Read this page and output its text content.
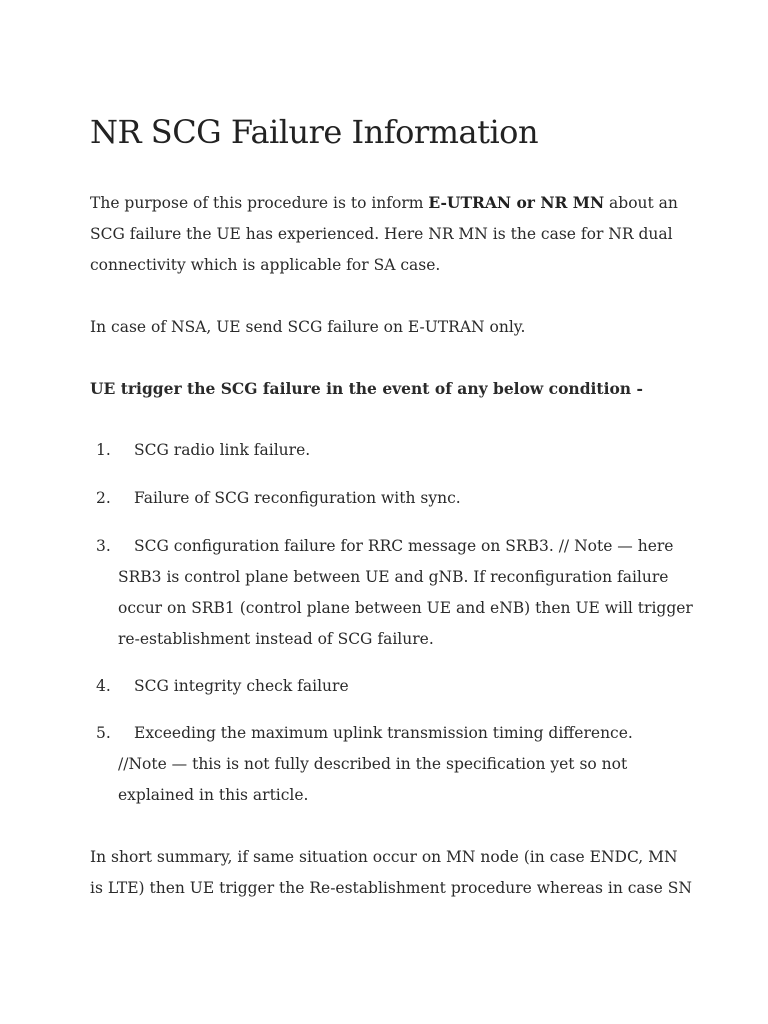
NR SCG Failure Information

The purpose of this procedure is to inform E-UTRAN or NR MN about an
SCG failure the UE has experienced. Here NR MN is the case for NR dual
connectivity which is applicable for SA case.

In case of NSA, UE send SCG failure on E-UTRAN only.

UE trigger the SCG failure in the event of any below condition -

1.	SCG radio link failure.
2.	Failure of SCG reconfiguration with sync.
3.	SCG configuration failure for RRC message on SRB3. // Note — here
SRB3 is control plane between UE and gNB. If reconfiguration failure
occur on SRB1 (control plane between UE and eNB) then UE will trigger
re-establishment instead of SCG failure.
4.	SCG integrity check failure
5.	Exceeding the maximum uplink transmission timing difference.
//Note — this is not fully described in the specification yet so not
explained in this article.

In short summary, if same situation occur on MN node (in case ENDC, MN
is LTE) then UE trigger the Re-establishment procedure whereas in case SN
